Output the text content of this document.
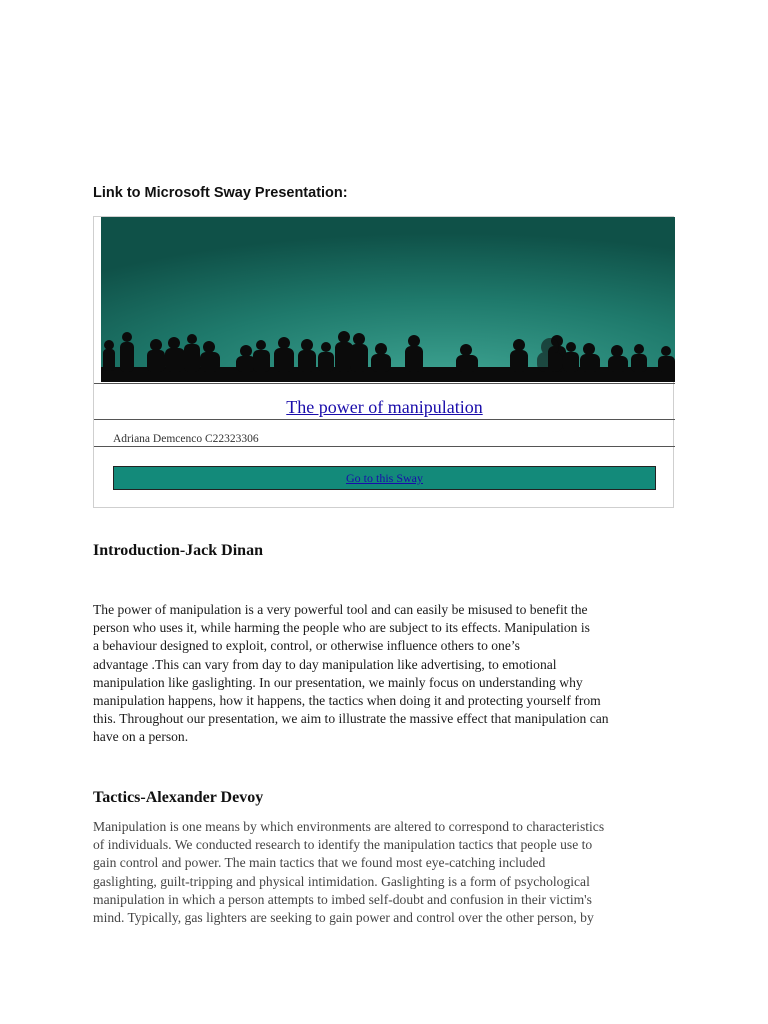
Link to Microsoft Sway Presentation:
The power of manipulation
Adriana Demcenco C22323306
Go to this Sway
Introduction-Jack Dinan
The power of manipulation is a very powerful tool and can easily be misused to benefit the
person who uses it, while harming the people who are subject to its effects. Manipulation is
a behaviour designed to exploit, control, or otherwise influence others to one’s
advantage .This can vary from day to day manipulation like advertising, to emotional
manipulation like gaslighting. In our presentation, we mainly focus on understanding why
manipulation happens, how it happens, the tactics when doing it and protecting yourself from
this. Throughout our presentation, we aim to illustrate the massive effect that manipulation can
have on a person.
Tactics-Alexander Devoy
Manipulation is one means by which environments are altered to correspond to characteristics
of individuals. We conducted research to identify the manipulation tactics that people use to
gain control and power. The main tactics that we found most eye-catching included
gaslighting, guilt-tripping and physical intimidation. Gaslighting is a form of psychological
manipulation in which a person attempts to imbed self-doubt and confusion in their victim's
mind. Typically, gas lighters are seeking to gain power and control over the other person, by
